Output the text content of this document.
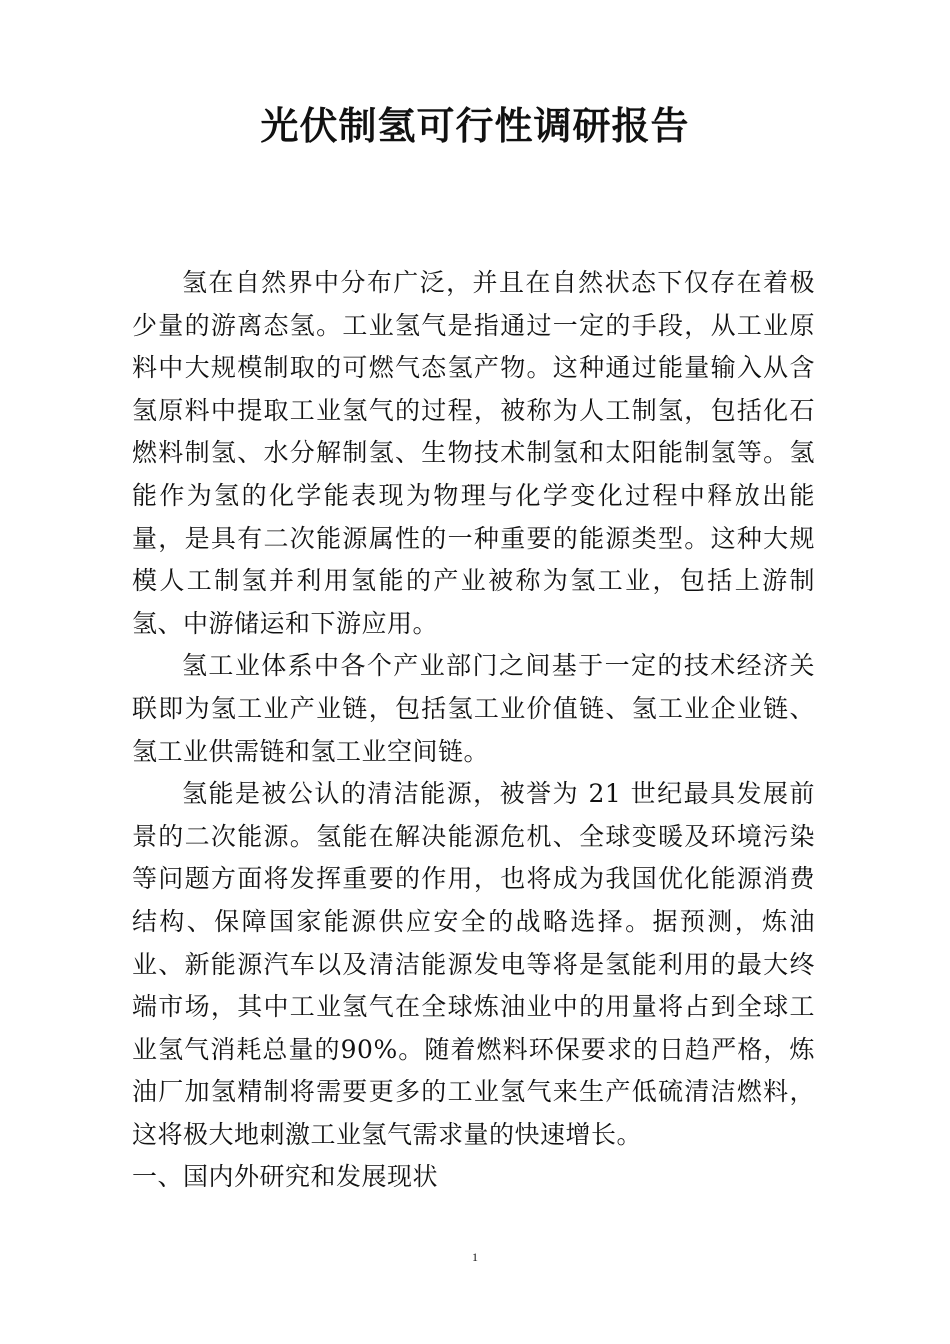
光伏制氢可行性调研报告

氢在自然界中分布广泛，并且在自然状态下仅存在着极少量的游离态氢。工业氢气是指通过一定的手段，从工业原料中大规模制取的可燃气态氢产物。这种通过能量输入从含氢原料中提取工业氢气的过程，被称为人工制氢，包括化石燃料制氢、水分解制氢、生物技术制氢和太阳能制氢等。氢能作为氢的化学能表现为物理与化学变化过程中释放出能量，是具有二次能源属性的一种重要的能源类型。这种大规模人工制氢并利用氢能的产业被称为氢工业，包括上游制氢、中游储运和下游应用。

氢工业体系中各个产业部门之间基于一定的技术经济关联即为氢工业产业链，包括氢工业价值链、氢工业企业链、氢工业供需链和氢工业空间链。

氢能是被公认的清洁能源，被誉为 21 世纪最具发展前景的二次能源。氢能在解决能源危机、全球变暖及环境污染等问题方面将发挥重要的作用，也将成为我国优化能源消费结构、保障国家能源供应安全的战略选择。据预测，炼油业、新能源汽车以及清洁能源发电等将是氢能利用的最大终端市场，其中工业氢气在全球炼油业中的用量将占到全球工业氢气消耗总量的90%。随着燃料环保要求的日趋严格，炼油厂加氢精制将需要更多的工业氢气来生产低硫清洁燃料，这将极大地刺激工业氢气需求量的快速增长。

一、国内外研究和发展现状

1
